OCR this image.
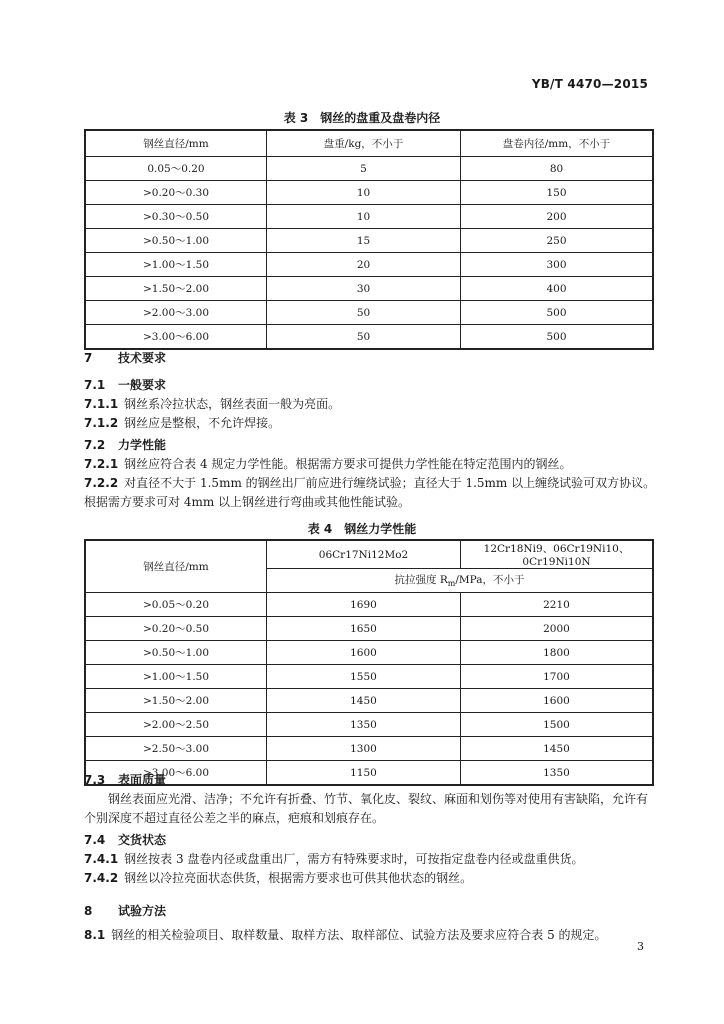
YB/T 4470—2015
表 3　钢丝的盘重及盘卷内径
钢丝直径/mm	盘重/kg，不小于	盘卷内径/mm，不小于
0.05～0.20	5	80
>0.20～0.30	10	150
>0.30～0.50	10	200
>0.50～1.00	15	250
>1.00～1.50	20	300
>1.50～2.00	30	400
>2.00～3.00	50	500
>3.00～6.00	50	500
7 技术要求
7.1 一般要求
7.1.1 钢丝系冷拉状态，钢丝表面一般为亮面。
7.1.2 钢丝应是整根，不允许焊接。
7.2 力学性能
7.2.1 钢丝应符合表 4 规定力学性能。根据需方要求可提供力学性能在特定范围内的钢丝。
7.2.2 对直径不大于 1.5mm 的钢丝出厂前应进行缠绕试验；直径大于 1.5mm 以上缠绕试验可双方协议。根据需方要求可对 4mm 以上钢丝进行弯曲或其他性能试验。
表 4　钢丝力学性能
钢丝直径/mm	06Cr17Ni12Mo2	12Cr18Ni9、06Cr19Ni10、0Cr19Ni10N
	抗拉强度 $R_m$/MPa，不小于	
>0.05～0.20	1690	2210
>0.20～0.50	1650	2000
>0.50～1.00	1600	1800
>1.00～1.50	1550	1700
>1.50～2.00	1450	1600
>2.00～2.50	1350	1500
>2.50～3.00	1300	1450
>3.00～6.00	1150	1350
7.3 表面质量
钢丝表面应光滑、洁净；不允许有折叠、竹节、氧化皮、裂纹、麻面和划伤等对使用有害缺陷，允许有个别深度不超过直径公差之半的麻点，疤痕和划痕存在。
7.4 交货状态
7.4.1 钢丝按表 3 盘卷内径或盘重出厂，需方有特殊要求时，可按指定盘卷内径或盘重供货。
7.4.2 钢丝以冷拉亮面状态供货，根据需方要求也可供其他状态的钢丝。
8 试验方法
8.1 钢丝的相关检验项目、取样数量、取样方法、取样部位、试验方法及要求应符合表 5 的规定。
3
